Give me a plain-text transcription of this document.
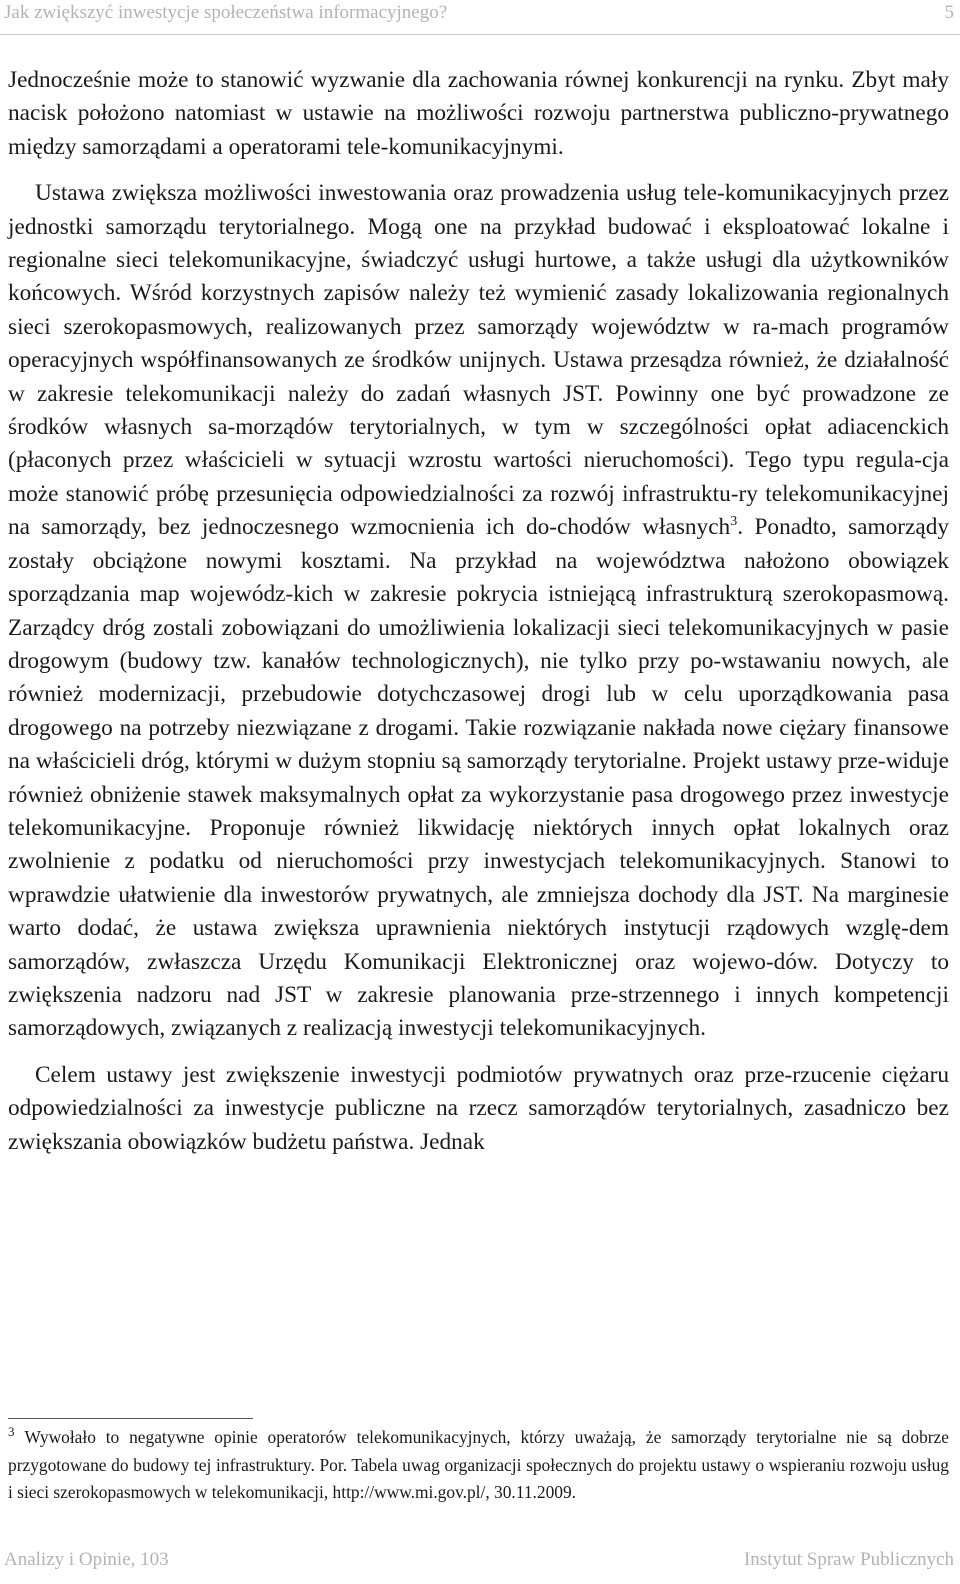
Jak zwiększyć inwestycje społeczeństwa informacyjnego?	5

Jednocześnie może to stanowić wyzwanie dla zachowania równej konkurencji na rynku. Zbyt mały nacisk położono natomiast w ustawie na możliwości rozwoju partnerstwa publiczno-prywatnego między samorządami a operatorami tele-komunikacyjnymi.

Ustawa zwiększa możliwości inwestowania oraz prowadzenia usług tele-komunikacyjnych przez jednostki samorządu terytorialnego. Mogą one na przykład budować i eksploatować lokalne i regionalne sieci telekomunikacyjne, świadczyć usługi hurtowe, a także usługi dla użytkowników końcowych. Wśród korzystnych zapisów należy też wymienić zasady lokalizowania regionalnych sieci szerokopasmowych, realizowanych przez samorządy województw w ra-mach programów operacyjnych współfinansowanych ze środków unijnych. Ustawa przesądza również, że działalność w zakresie telekomunikacji należy do zadań własnych JST. Powinny one być prowadzone ze środków własnych sa-morządów terytorialnych, w tym w szczególności opłat adiacenckich (płaconych przez właścicieli w sytuacji wzrostu wartości nieruchomości). Tego typu regula-cja może stanowić próbę przesunięcia odpowiedzialności za rozwój infrastruktu-ry telekomunikacyjnej na samorządy, bez jednoczesnego wzmocnienia ich do-chodów własnych$^3$. Ponadto, samorządy zostały obciążone nowymi kosztami. Na przykład na województwa nałożono obowiązek sporządzania map wojewódz-kich w zakresie pokrycia istniejącą infrastrukturą szerokopasmową. Zarządcy dróg zostali zobowiązani do umożliwienia lokalizacji sieci telekomunikacyjnych w pasie drogowym (budowy tzw. kanałów technologicznych), nie tylko przy po-wstawaniu nowych, ale również modernizacji, przebudowie dotychczasowej drogi lub w celu uporządkowania pasa drogowego na potrzeby niezwiązane z drogami. Takie rozwiązanie nakłada nowe ciężary finansowe na właścicieli dróg, którymi w dużym stopniu są samorządy terytorialne. Projekt ustawy prze-widuje również obniżenie stawek maksymalnych opłat za wykorzystanie pasa drogowego przez inwestycje telekomunikacyjne. Proponuje również likwidację niektórych innych opłat lokalnych oraz zwolnienie z podatku od nieruchomości przy inwestycjach telekomunikacyjnych. Stanowi to wprawdzie ułatwienie dla inwestorów prywatnych, ale zmniejsza dochody dla JST. Na marginesie warto dodać, że ustawa zwiększa uprawnienia niektórych instytucji rządowych wzglę-dem samorządów, zwłaszcza Urzędu Komunikacji Elektronicznej oraz wojewo-dów. Dotyczy to zwiększenia nadzoru nad JST w zakresie planowania prze-strzennego i innych kompetencji samorządowych, związanych z realizacją inwestycji telekomunikacyjnych.

Celem ustawy jest zwiększenie inwestycji podmiotów prywatnych oraz prze-rzucenie ciężaru odpowiedzialności za inwestycje publiczne na rzecz samorządów terytorialnych, zasadniczo bez zwiększania obowiązków budżetu państwa. Jednak

$^3$ Wywołało to negatywne opinie operatorów telekomunikacyjnych, którzy uważają, że samorządy terytorialne nie są dobrze przygotowane do budowy tej infrastruktury. Por. Tabela uwag organizacji społecznych do projektu ustawy o wspieraniu rozwoju usług i sieci szerokopasmowych w telekomunikacji, http://www.mi.gov.pl/, 30.11.2009.
Analizy i Opinie, 103	Instytut Spraw Publicznych
